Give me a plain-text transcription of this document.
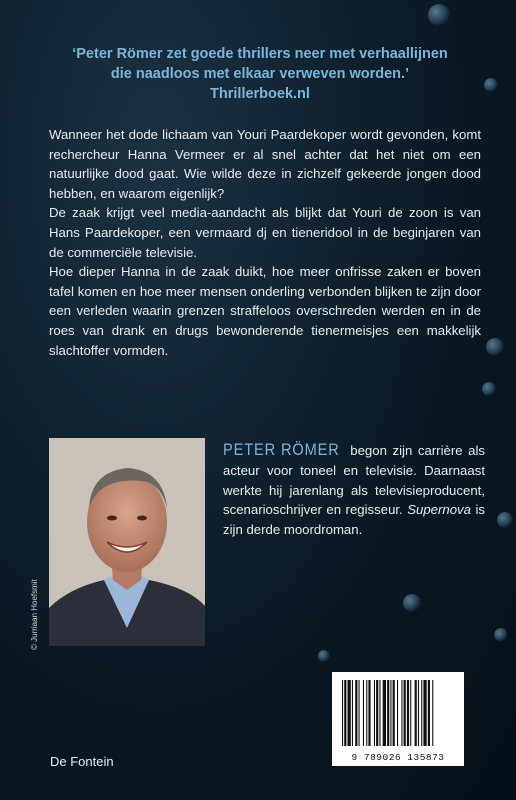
‘Peter Römer zet goede thrillers neer met verhaallijnen
die naadloos met elkaar verweven worden.’
Thrillerboek.nl

Wanneer het dode lichaam van Youri Paardekoper wordt gevonden, komt rechercheur Hanna Vermeer er al snel achter dat het niet om een natuurlijke dood gaat. Wie wilde deze in zichzelf gekeerde jongen dood hebben, en waarom eigenlijk?

De zaak krijgt veel media-aandacht als blijkt dat Youri de zoon is van Hans Paardekoper, een vermaard dj en tieneridool in de beginjaren van de commerciële televisie.

Hoe dieper Hanna in de zaak duikt, hoe meer onfrisse zaken er boven tafel komen en hoe meer mensen onderling verbonden blijken te zijn door een verleden waarin grenzen straffeloos overschreden werden en in de roes van drank en drugs bewonderende tienermeisjes een makkelijk slachtoffer vormden.

© Jurriaan Hoefsmit
PETER RÖMER begon zijn carrière als acteur voor toneel en televisie. Daarnaast werkte hij jarenlang als televisieproducent, scenarioschrijver en regisseur. Supernova is zijn derde moordroman.
9 789026 135873
De Fontein
